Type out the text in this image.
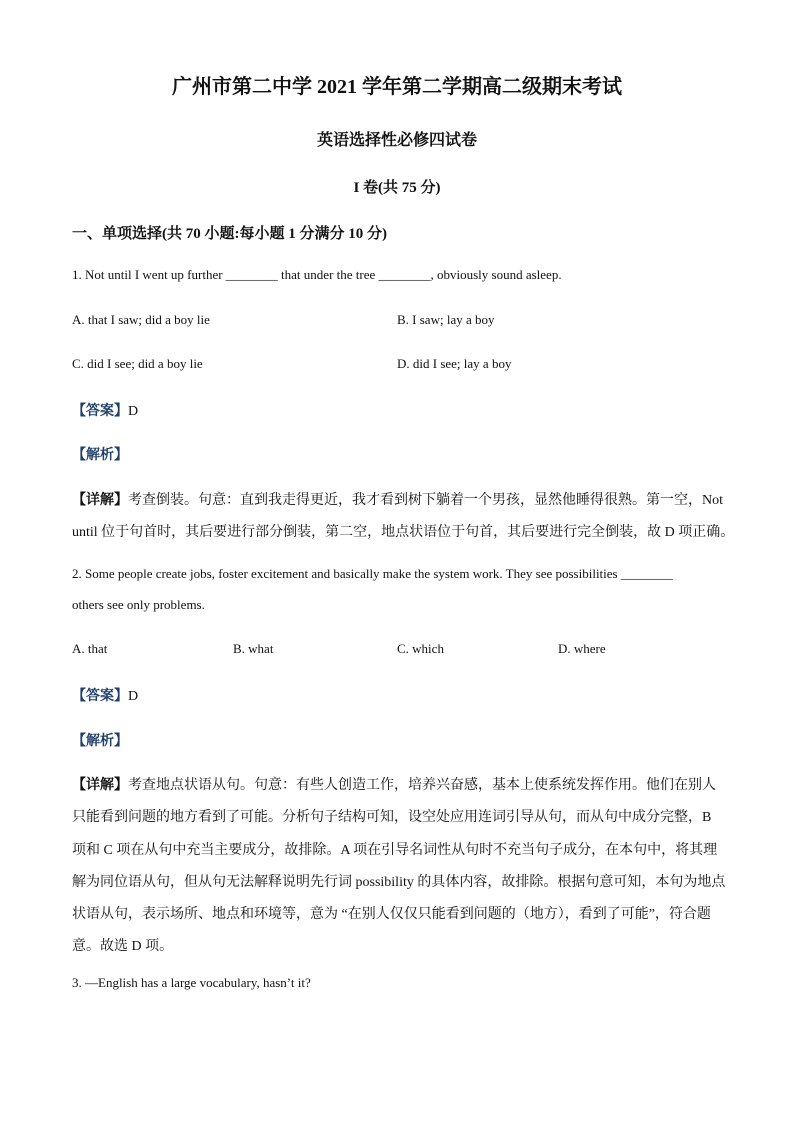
广州市第二中学 2021 学年第二学期高二级期末考试
英语选择性必修四试卷
I 卷(共 75 分)
一、单项选择(共 70 小题:每小题 1 分满分 10 分)
1. Not until I went up further ________ that under the tree ________, obviously sound asleep.
A. that I saw; did a boy lie	B. I saw; lay a boy
C. did I see; did a boy lie	D. did I see; lay a boy
【答案】D
【解析】
【详解】考查倒装。句意：直到我走得更近，我才看到树下躺着一个男孩，显然他睡得很熟。第一空，Not
until 位于句首时，其后要进行部分倒装，第二空，地点状语位于句首，其后要进行完全倒装，故 D 项正确。
2. Some people create jobs, foster excitement and basically make the system work. They see possibilities ________
others see only problems.
A. that	B. what	C. which	D. where
【答案】D
【解析】
【详解】考查地点状语从句。句意：有些人创造工作，培养兴奋感，基本上使系统发挥作用。他们在别人
只能看到问题的地方看到了可能。分析句子结构可知，设空处应用连词引导从句，而从句中成分完整，B
项和 C 项在从句中充当主要成分，故排除。A 项在引导名词性从句时不充当句子成分，在本句中，将其理
解为同位语从句，但从句无法解释说明先行词 possibility 的具体内容，故排除。根据句意可知，本句为地点
状语从句，表示场所、地点和环境等，意为 “在别人仅仅只能看到问题的（地方），看到了可能”，符合题
意。故选 D 项。
3. —English has a large vocabulary, hasn’t it?
